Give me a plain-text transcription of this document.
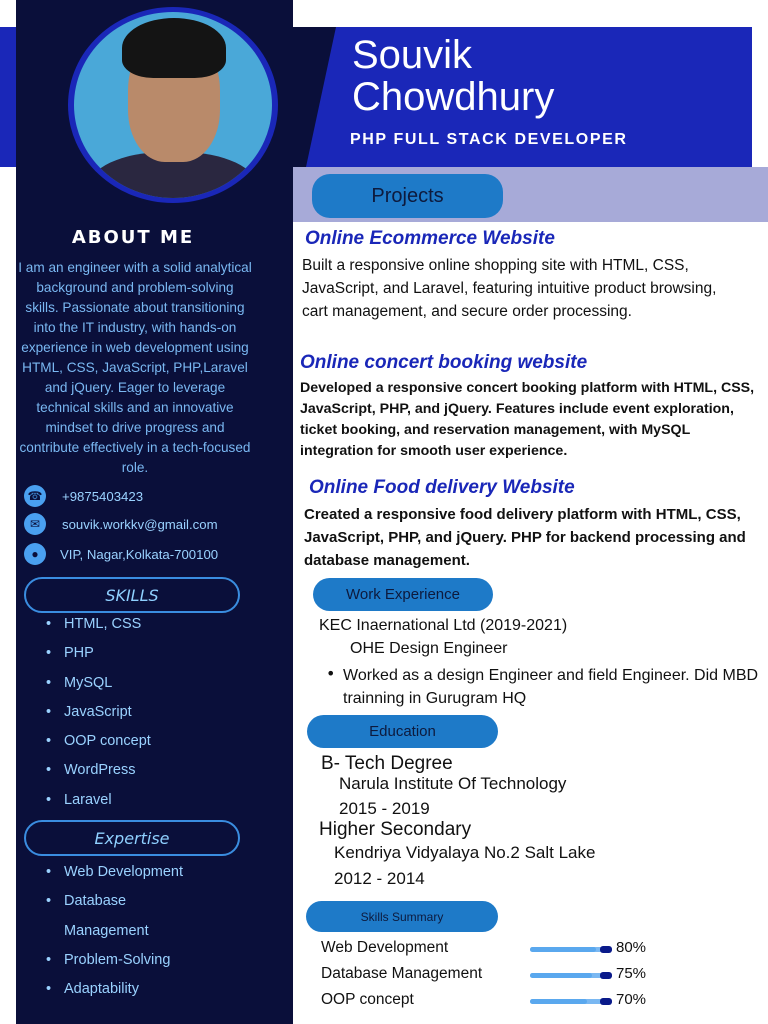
Souvik
Chowdhury
PHP FULL STACK DEVELOPER
ABOUT ME
I am an engineer with a solid analytical background and problem-solving skills. Passionate about transitioning into the IT industry, with hands-on experience in web development using HTML, CSS, JavaScript, PHP,Laravel and jQuery. Eager to leverage technical skills and an innovative mindset to drive progress and contribute effectively in a tech-focused role.
☎ +9875403423
✉	souvik.workkv@gmail.com
●	VIP, Nagar,Kolkata-700100
SKILLS
• HTML, CSS
• PHP
• MySQL
• JavaScript
• OOP concept
• WordPress
• Laravel
Expertise
• Web Development
• Database
Management
• Problem-Solving
• Adaptability
Projects
Online Ecommerce Website
Built a responsive online shopping site with HTML, CSS, JavaScript, and Laravel, featuring intuitive product browsing, cart management, and secure order processing.
Online concert booking website
Developed a responsive concert booking platform with HTML, CSS, JavaScript, PHP, and jQuery. Features include event exploration, ticket booking, and reservation management, with MySQL integration for smooth user experience.
Online Food delivery Website
Created a responsive food delivery platform with HTML, CSS, JavaScript, PHP, and jQuery. PHP for backend processing and database management.
Work Experience
KEC Inaernational Ltd (2019-2021)
OHE Design Engineer
• Worked as a design Engineer and field Engineer. Did MBD trainning in Gurugram HQ
Education
B- Tech Degree
Narula Institute Of Technology
2015 - 2019
Higher Secondary
Kendriya Vidyalaya No.2 Salt Lake
2012 - 2014
Skills Summary
Web Development	80%
Database Management	75%
OOP concept	70%
